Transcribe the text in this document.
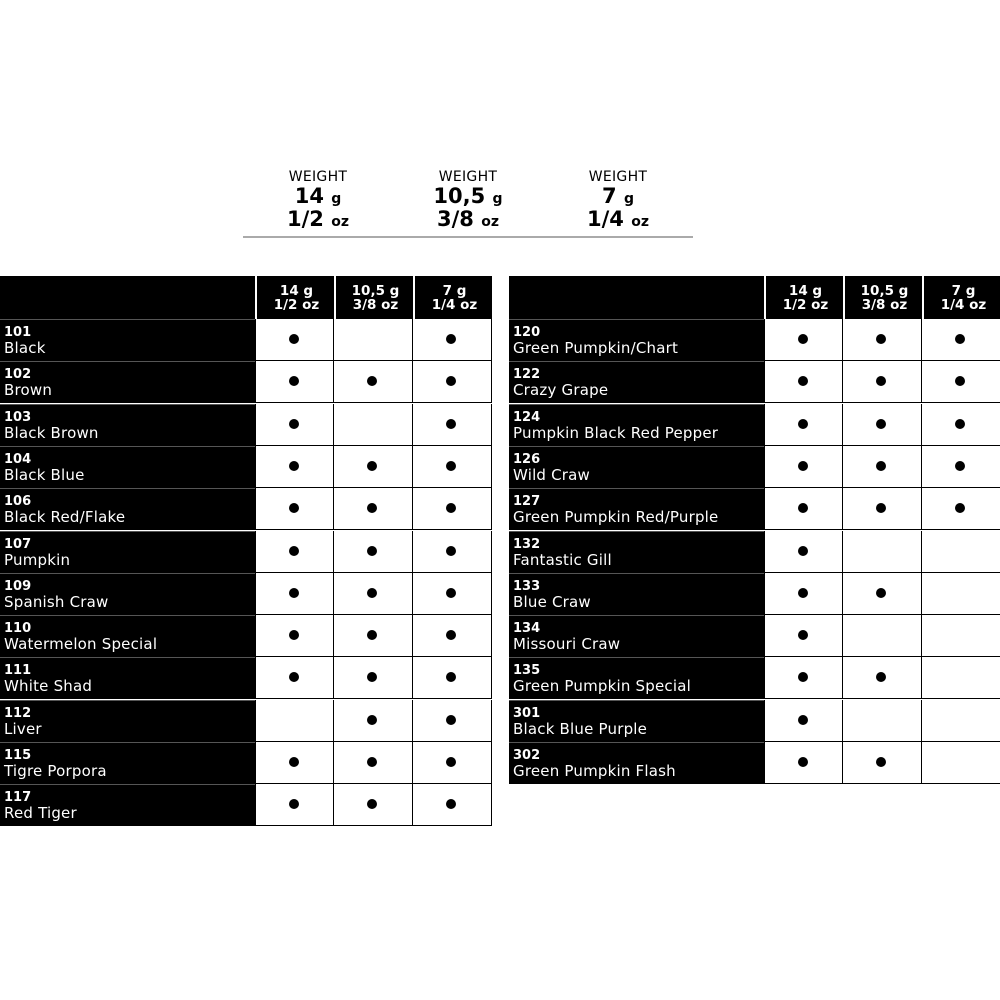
WEIGHT
14 g
1/2 oz
WEIGHT
10,5 g
3/8 oz
WEIGHT
7 g
1/4 oz
14 g
1/2 oz
10,5 g
3/8 oz
7 g
1/4 oz
101
Black
102
Brown
103
Black Brown
104
Black Blue
106
Black Red/Flake
107
Pumpkin
109
Spanish Craw
110
Watermelon Special
111
White Shad
112
Liver
115
Tigre Porpora
117
Red Tiger
14 g
1/2 oz
10,5 g
3/8 oz
7 g
1/4 oz
120
Green Pumpkin/Chart
122
Crazy Grape
124
Pumpkin Black Red Pepper
126
Wild Craw
127
Green Pumpkin Red/Purple
132
Fantastic Gill
133
Blue Craw
134
Missouri Craw
135
Green Pumpkin Special
301
Black Blue Purple
302
Green Pumpkin Flash
